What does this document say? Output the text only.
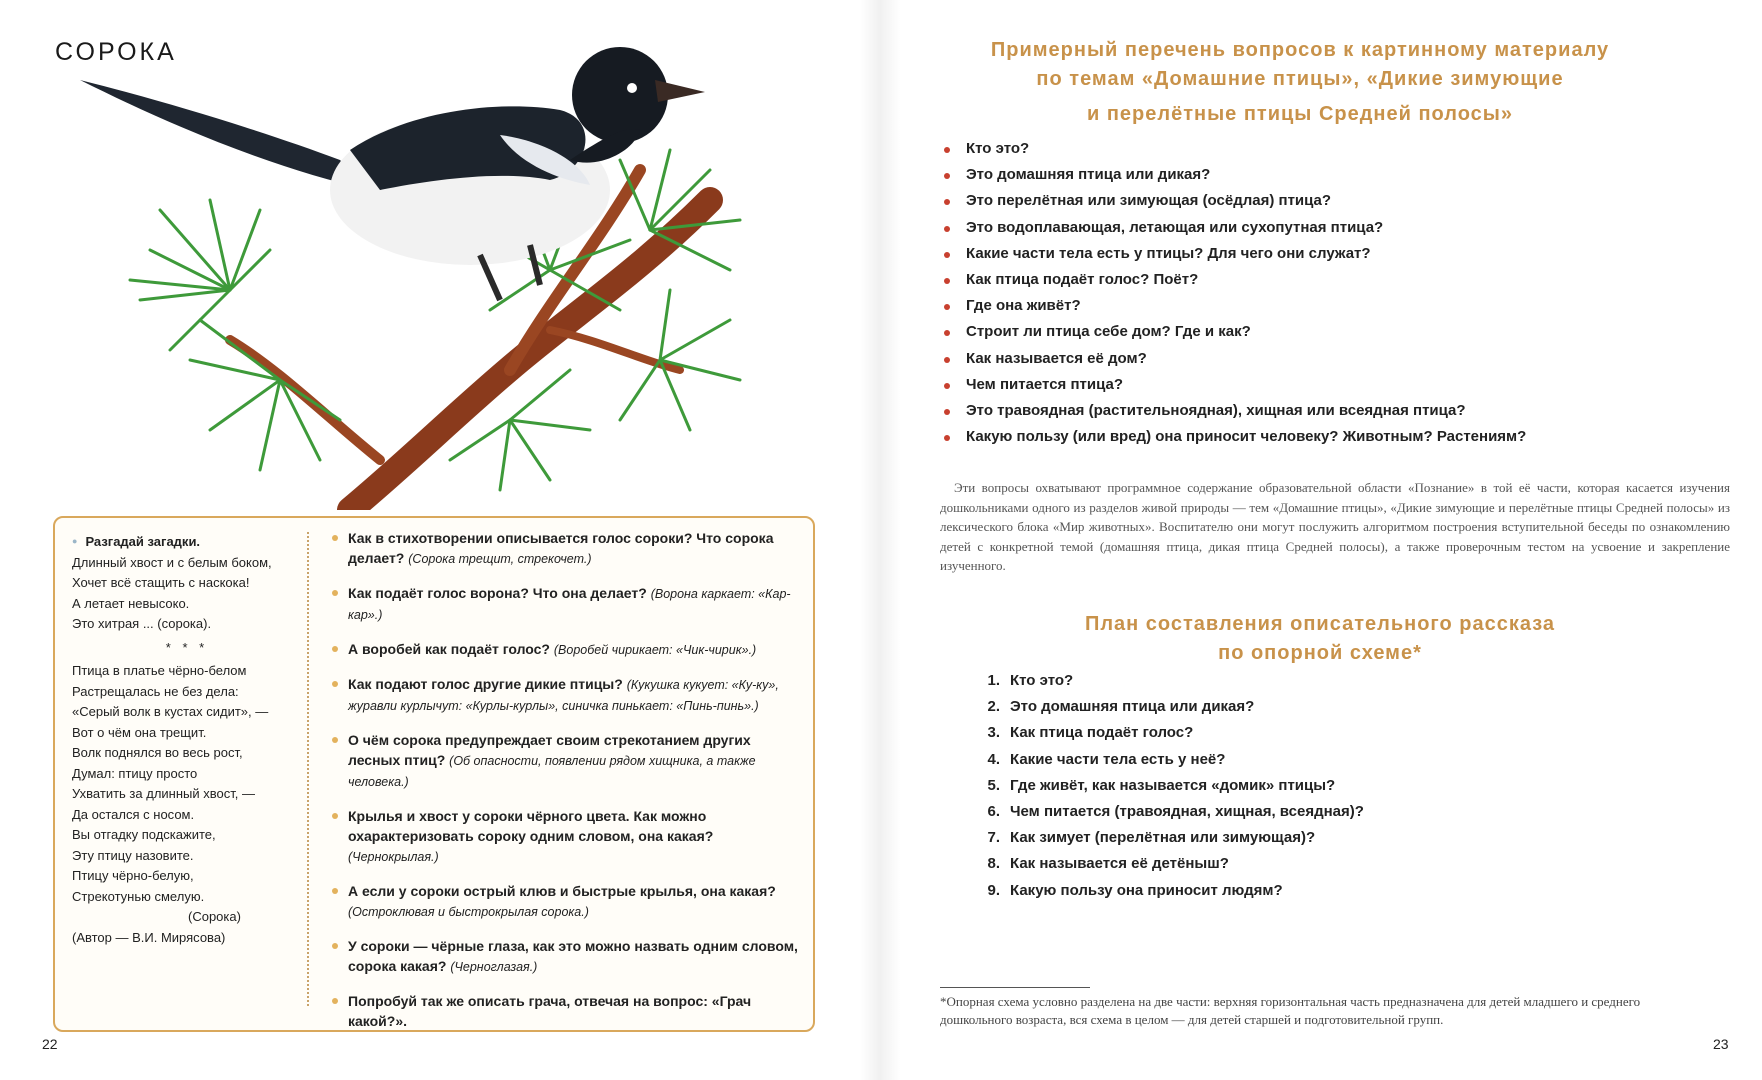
СОРОКА
● Разгадай загадки.
Длинный хвост и с белым боком,
Хочет всё стащить с наскока!
А летает невысоко.
Это хитрая ... (сорока).
* * *
Птица в платье чёрно-белом
Растрещалась не без дела:
«Серый волк в кустах сидит», —
Вот о чём она трещит.
Волк поднялся во весь рост,
Думал: птицу просто
Ухватить за длинный хвост, —
Да остался с носом.
Вы отгадку подскажите,
Эту птицу назовите.
Птицу чёрно-белую,
Стрекотунью смелую.
(Сорока)
(Автор — В.И. Мирясова)
Как в стихотворении описывается голос сороки? Что сорока делает? (Сорока трещит, стрекочет.)
Как подаёт голос ворона? Что она делает? (Ворона каркает: «Кар-кар».)
А воробей как подаёт голос? (Воробей чирикает: «Чик-чирик».)
Как подают голос другие дикие птицы? (Кукушка кукует: «Ку-ку», журавли курлычут: «Курлы-курлы», синичка пинькает: «Пинь-пинь».)
О чём сорока предупреждает своим стрекотанием других лесных птиц? (Об опасности, появлении рядом хищника, а также человека.)
Крылья и хвост у сороки чёрного цвета. Как можно охарактеризовать сороку одним словом, она какая? (Чернокрылая.)
А если у сороки острый клюв и быстрые крылья, она какая? (Остроклювая и быстрокрылая сорока.)
У сороки — чёрные глаза, как это можно назвать одним словом, сорока какая? (Черноглазая.)
Попробуй так же описать грача, отвечая на вопрос: «Грач какой?».
22
Примерный перечень вопросов к картинному материалу
по темам «Домашние птицы», «Дикие зимующие
и перелётные птицы Средней полосы»
Кто это?
Это домашняя птица или дикая?
Это перелётная или зимующая (осёдлая) птица?
Это водоплавающая, летающая или сухопутная птица?
Какие части тела есть у птицы? Для чего они служат?
Как птица подаёт голос? Поёт?
Где она живёт?
Строит ли птица себе дом? Где и как?
Как называется её дом?
Чем питается птица?
Это травоядная (растительноядная), хищная или всеядная птица?
Какую пользу (или вред) она приносит человеку? Животным? Растениям?
Эти вопросы охватывают программное содержание образовательной области «Познание» в той её части, которая касается изучения дошкольниками одного из разделов живой природы — тем «Домашние птицы», «Дикие зимующие и перелётные птицы Средней полосы» из лексического блока «Мир животных». Воспитателю они могут послужить алгоритмом построения вступительной беседы по ознакомлению детей с конкретной темой (домашняя птица, дикая птица Средней полосы), а также проверочным тестом на усвоение и закрепление изученного.
План составления описательного рассказа
по опорной схеме*
1. Кто это?
2. Это домашняя птица или дикая?
3. Как птица подаёт голос?
4. Какие части тела есть у неё?
5. Где живёт, как называется «домик» птицы?
6. Чем питается (травоядная, хищная, всеядная)?
7. Как зимует (перелётная или зимующая)?
8. Как называется её детёныш?
9. Какую пользу она приносит людям?
*Опорная схема условно разделена на две части: верхняя горизонтальная часть предназначена для детей младшего и среднего дошкольного возраста, вся схема в целом — для детей старшей и подготовительной групп.
23
